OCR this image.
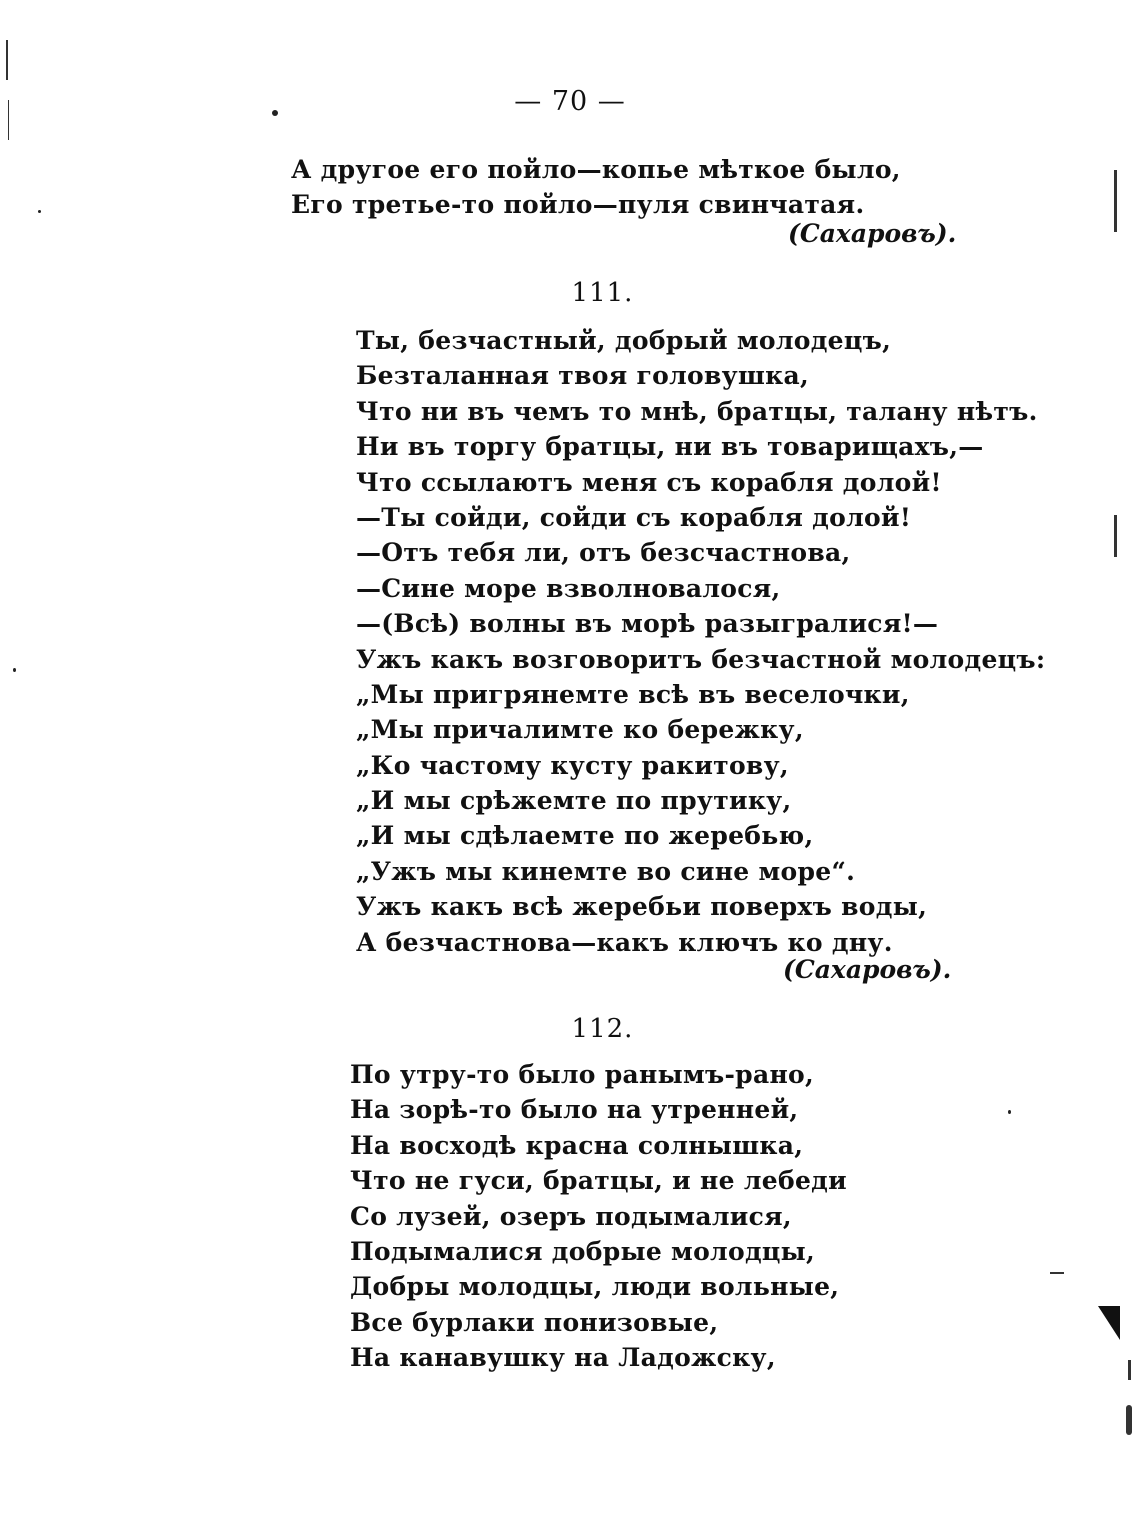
— 70 —
А другое его пойло—копье мѣткое было,
Его третье-то пойло—пуля свинчатая.
(Сахаровъ).
111.
Ты, безчастный, добрый молодецъ,
Безталанная твоя головушка,
Что ни въ чемъ то мнѣ, братцы, талану нѣтъ.
Ни въ торгу братцы, ни въ товарищахъ,—
Что ссылаютъ меня съ корабля долой!
—Ты сойди, сойди съ корабля долой!
—Отъ тебя ли, отъ безсчастнова,
—Сине море взволновалося,
—(Всѣ) волны въ морѣ разыгралися!—
Ужъ какъ возговоритъ безчастной молодецъ:
„Мы пригрянемте всѣ въ веселочки,
„Мы причалимте ко бережку,
„Ко частому кусту ракитову,
„И мы срѣжемте по прутику,
„И мы сдѣлаемте по жеребью,
„Ужъ мы кинемте во сине море“.
Ужъ какъ всѣ жеребьи поверхъ воды,
А безчастнова—какъ ключъ ко дну.
(Сахаровъ).
112.
По утру-то было ранымъ-рано,
На зорѣ-то было на утренней,
На восходѣ красна солнышка,
Что не гуси, братцы, и не лебеди
Со лузей, озеръ подымалися,
Подымалися добрые молодцы,
Добры молодцы, люди вольные,
Все бурлаки понизовые,
На канавушку на Ладожску,
